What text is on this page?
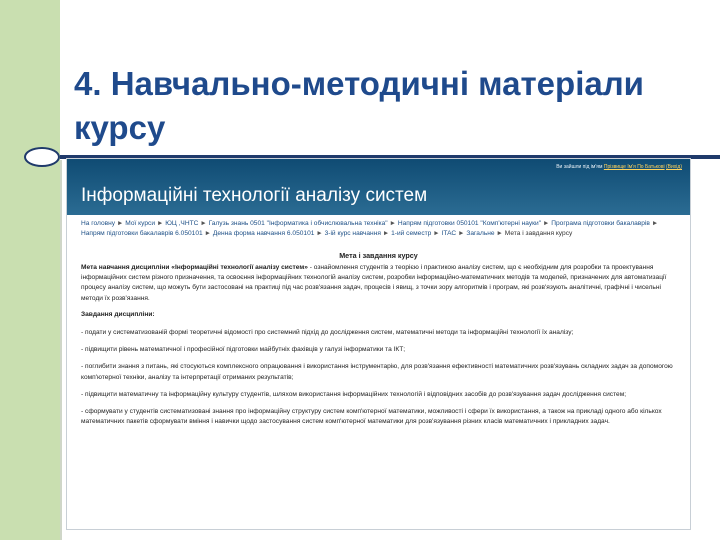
4. Навчально-методичні матеріали курсу
Ви зайшли під ім'ям Прізвище Ім'я По Батькові (Вихід)
Інформаційні технології аналізу систем
На головну ► Мої курси ► ЮЦ ,ЧНТС ► Галузь знань 0501 "Інформатика і обчислювальна техніка" ► Напрям підготовки 050101 "Комп'ютерні науки" ► Програма підготовки бакалаврів ► Напрям підготовки бакалаврів 6.050101 ► Денна форма навчання 6.050101 ► 3-ій курс навчання ► 1-ий семестр ► ІТАС ► Загальне ► Мета і завдання курсу
Мета і завдання курсу

Мета навчання дисципліни «Інформаційні технології аналізу систем» - ознайомлення студентів з теорією і практикою аналізу систем, що є необхідним для розробки та проектування інформаційних систем різного призначення, та освоєння інформаційних технологій аналізу систем, розробки інформаційно-математичних методів та моделей, призначених для автоматизації процесу аналізу систем, що можуть бути застосовані на практиці під час розв'язання задач, процесів і явищ, з точки зору алгоритмів і програм, які розв'язують аналітичні, графічні і чисельні методи їх розв'язання.

Завдання дисципліни:

- подати у систематизованій формі теоретичні відомості про системний підхід до дослідження систем, математичні методи та інформаційні технології їх аналізу;

- підвищити рівень математичної і професійної підготовки майбутніх фахівців у галузі інформатики та ІКТ;

- поглибити знання з питань, які стосуються комплексного опрацювання і використання інструментарію, для розв'язання ефективності математичних розв'язувань складних задач за допомогою комп'ютерної техніки, аналізу та інтерпретації отриманих результатів;

- підвищити математичну та інформаційну культуру студентів, шляхом використання інформаційних технологій і відповідних засобів до розв'язування задач дослідження систем;

- сформувати у студентів систематизовані знання про інформаційну структуру систем комп'ютерної математики, можливості і сфери їх використання, а також на прикладі одного або кількох математичних пакетів сформувати вміння і навички щодо застосування систем комп'ютерної математики для розв'язування різних класів математичних і прикладних задач.
